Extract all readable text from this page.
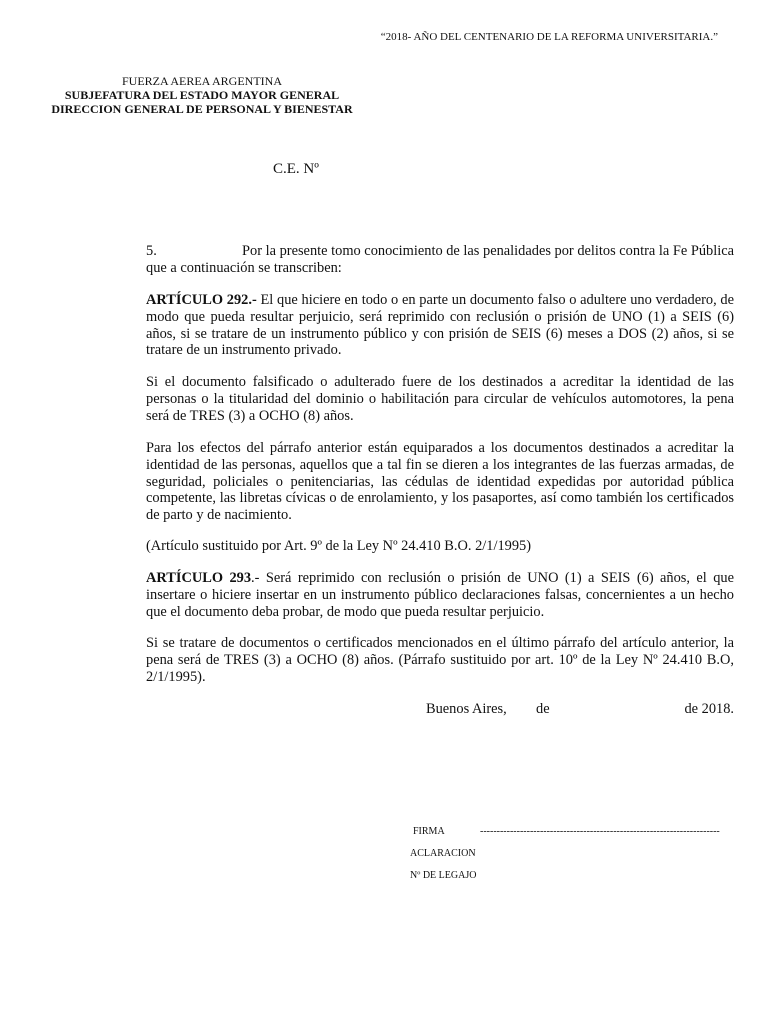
“2018- AÑO DEL CENTENARIO DE LA REFORMA UNIVERSITARIA.”
FUERZA AEREA ARGENTINA
SUBJEFATURA DEL ESTADO MAYOR GENERAL
DIRECCION GENERAL DE PERSONAL Y BIENESTAR
C.E. Nº
5.	Por la presente tomo conocimiento de las penalidades por delitos contra la Fe Pública que a continuación se transcriben:
ARTÍCULO 292.- El que hiciere en todo o en parte un documento falso o adultere uno verdadero, de modo que pueda resultar perjuicio, será reprimido con reclusión o prisión de UNO (1) a SEIS (6) años, si se tratare de un instrumento público y con prisión de SEIS (6) meses a DOS (2) años, si se tratare de un instrumento privado.
Si el documento falsificado o adulterado fuere de los destinados a acreditar la identidad de las personas o la titularidad del dominio o habilitación para circular de vehículos automotores, la pena será de TRES (3) a OCHO (8) años.
Para los efectos del párrafo anterior están equiparados a los documentos destinados a acreditar la identidad de las personas, aquellos que a tal fin se dieren a los integrantes de las fuerzas armadas, de seguridad, policiales o penitenciarias, las cédulas de identidad expedidas por autoridad pública competente, las libretas cívicas o de enrolamiento, y los pasaportes, así como también los certificados de parto y de nacimiento.
(Artículo sustituido por Art. 9º de la Ley Nº 24.410 B.O. 2/1/1995)
ARTÍCULO 293.- Será reprimido con reclusión o prisión de UNO (1) a SEIS (6) años, el que insertare o hiciere insertar en un instrumento público declaraciones falsas, concernientes a un hecho que el documento deba probar, de modo que pueda resultar perjuicio.
Si se tratare de documentos o certificados mencionados en el último párrafo del artículo anterior, la pena será de TRES (3) a OCHO (8) años. (Párrafo sustituido por art. 10º de la Ley Nº 24.410 B.O, 2/1/1995).
Buenos Aires, de	de 2018.
FIRMA	------------------------------------------------------------------------
ACLARACION
Nº DE LEGAJO
